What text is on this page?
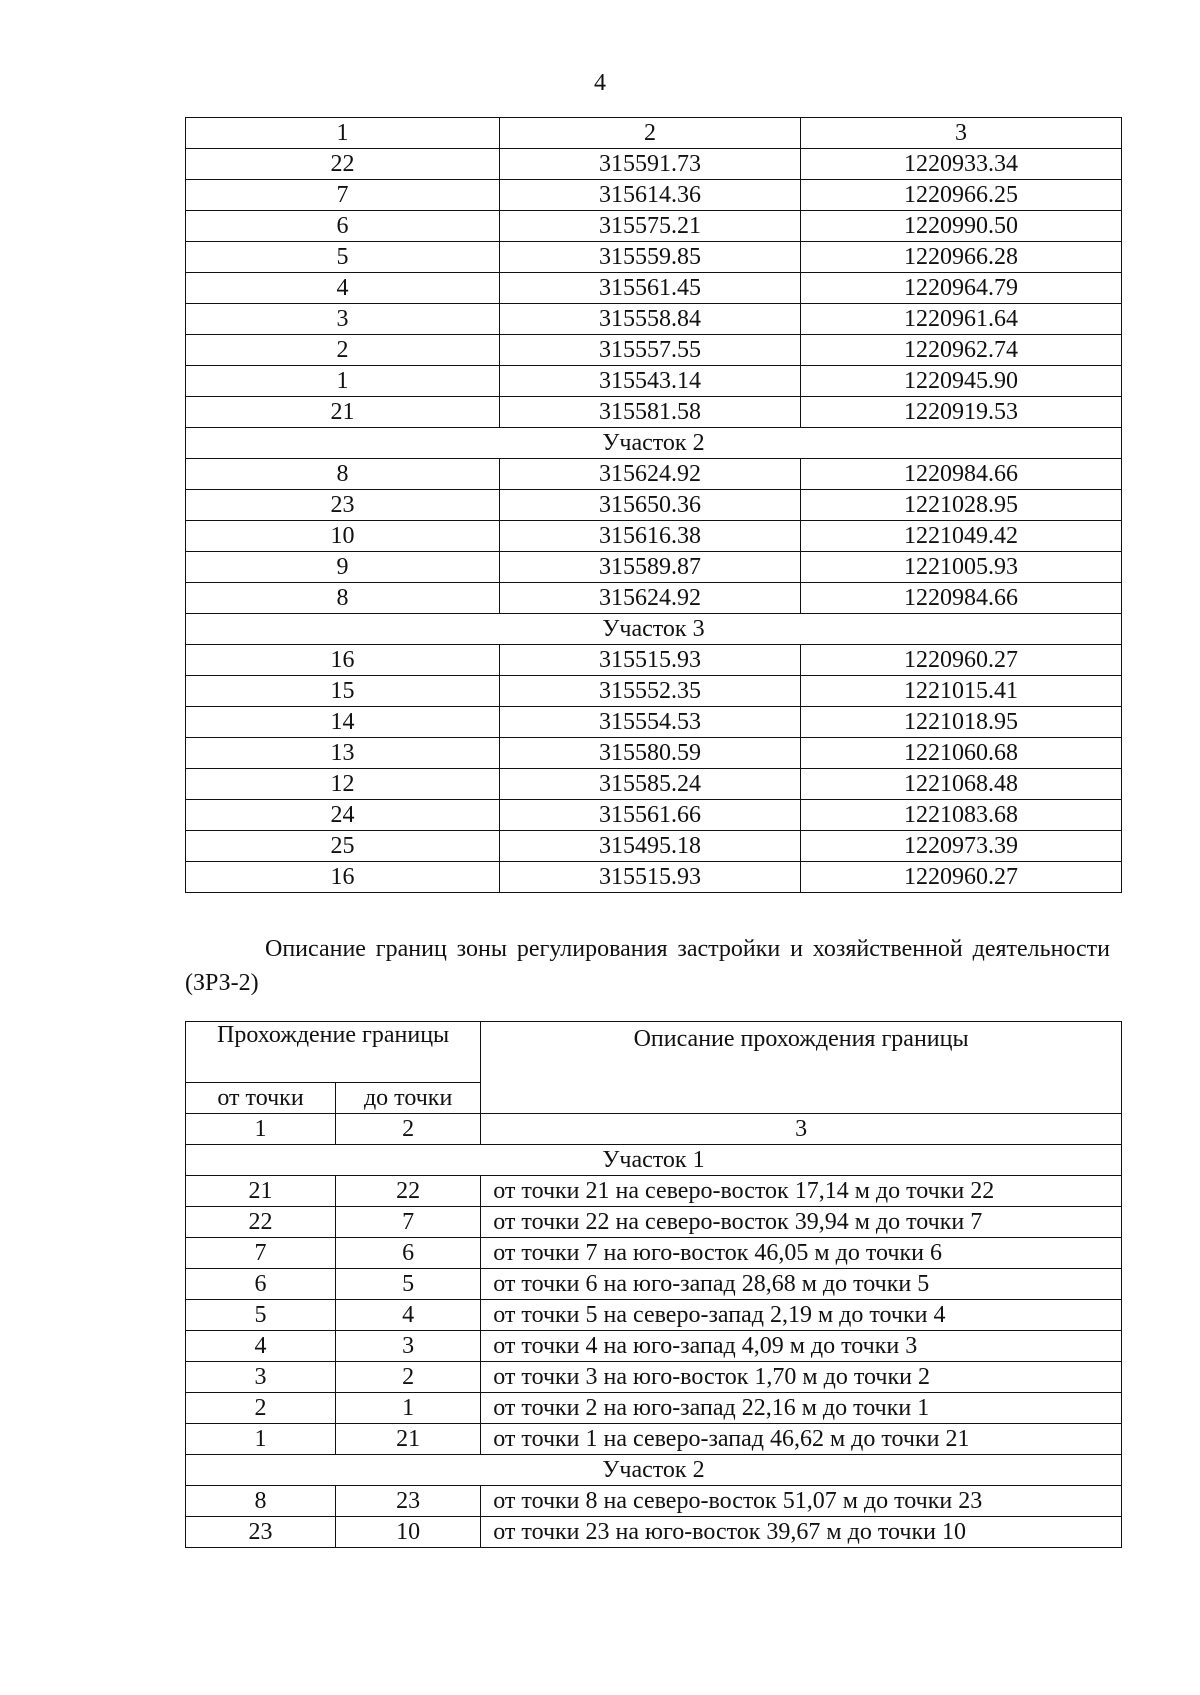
4
1	2	3
22	315591.73	1220933.34
7	315614.36	1220966.25
6	315575.21	1220990.50
5	315559.85	1220966.28
4	315561.45	1220964.79
3	315558.84	1220961.64
2	315557.55	1220962.74
1	315543.14	1220945.90
21	315581.58	1220919.53
Участок 2		
8	315624.92	1220984.66
23	315650.36	1221028.95
10	315616.38	1221049.42
9	315589.87	1221005.93
8	315624.92	1220984.66
Участок 3		
16	315515.93	1220960.27
15	315552.35	1221015.41
14	315554.53	1221018.95
13	315580.59	1221060.68
12	315585.24	1221068.48
24	315561.66	1221083.68
25	315495.18	1220973.39
16	315515.93	1220960.27
Описание границ зоны регулирования застройки и хозяйственной деятельности (ЗРЗ-2)
Прохождение границы		Описание прохождения границы
от точки	до точки	
1	2	3
Участок 1		
21	22	от точки 21 на северо-восток 17,14 м до точки 22
22	7	от точки 22 на северо-восток 39,94 м до точки 7
7	6	от точки 7 на юго-восток 46,05 м до точки 6
6	5	от точки 6 на юго-запад 28,68 м до точки 5
5	4	от точки 5 на северо-запад 2,19 м до точки 4
4	3	от точки 4 на юго-запад 4,09 м до точки 3
3	2	от точки 3 на юго-восток 1,70 м до точки 2
2	1	от точки 2 на юго-запад 22,16 м до точки 1
1	21	от точки 1 на северо-запад 46,62 м до точки 21
Участок 2		
8	23	от точки 8 на северо-восток 51,07 м до точки 23
23	10	от точки 23 на юго-восток 39,67 м до точки 10
